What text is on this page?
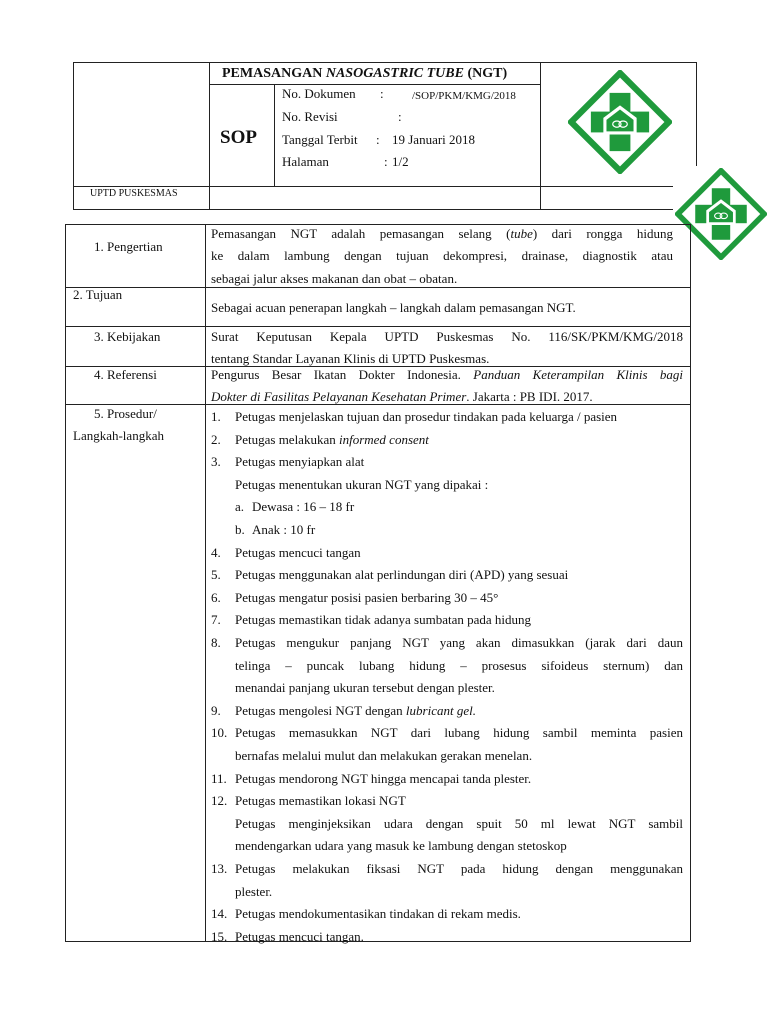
PEMASANGAN NASOGASTRIC TUBE (NGT)
SOP
No. Dokumen :	/SOP/PKM/KMG/2018
No. Revisi	:
Tanggal Terbit : 19 Januari 2018
Halaman	: 1/2
UPTD PUSKESMAS
1. Pengertian
Pemasangan NGT adalah pemasangan selang (tube) dari rongga hidung
ke dalam lambung dengan tujuan dekompresi, drainase, diagnostik atau
sebagai jalur akses makanan dan obat – obatan.
2. Tujuan
Sebagai acuan penerapan langkah – langkah dalam pemasangan NGT.
3. Kebijakan	Surat Keputusan Kepala UPTD Puskesmas No. 116/SK/PKM/KMG/2018
tentang Standar Layanan Klinis di UPTD Puskesmas.
4. Referensi	Pengurus Besar Ikatan Dokter Indonesia. Panduan Keterampilan Klinis bagi
Dokter di Fasilitas Pelayanan Kesehatan Primer. Jakarta : PB IDI. 2017.
5. Prosedur/
Langkah-langkah
1. Petugas menjelaskan tujuan dan prosedur tindakan pada keluarga / pasien
2. Petugas melakukan informed consent
3. Petugas menyiapkan alat
Petugas menentukan ukuran NGT yang dipakai :
a.Dewasa : 16 – 18 fr
b.Anak : 10 fr
4. Petugas mencuci tangan
5. Petugas menggunakan alat perlindungan diri (APD) yang sesuai
6. Petugas mengatur posisi pasien berbaring 30 – 45°
7. Petugas memastikan tidak adanya sumbatan pada hidung
8. Petugas mengukur panjang NGT yang akan dimasukkan (jarak dari daun
telinga – puncak lubang hidung – prosesus sifoideus sternum) dan
menandai panjang ukuran tersebut dengan plester.
9. Petugas mengolesi NGT dengan lubricant gel.
10. Petugas memasukkan NGT dari lubang hidung sambil meminta pasien
bernafas melalui mulut dan melakukan gerakan menelan.
11. Petugas mendorong NGT hingga mencapai tanda plester.
12. Petugas memastikan lokasi NGT
Petugas menginjeksikan udara dengan spuit 50 ml lewat NGT sambil
mendengarkan udara yang masuk ke lambung dengan stetoskop
13. Petugas melakukan fiksasi NGT pada hidung dengan menggunakan
plester.
14. Petugas mendokumentasikan tindakan di rekam medis.
15. Petugas mencuci tangan.
